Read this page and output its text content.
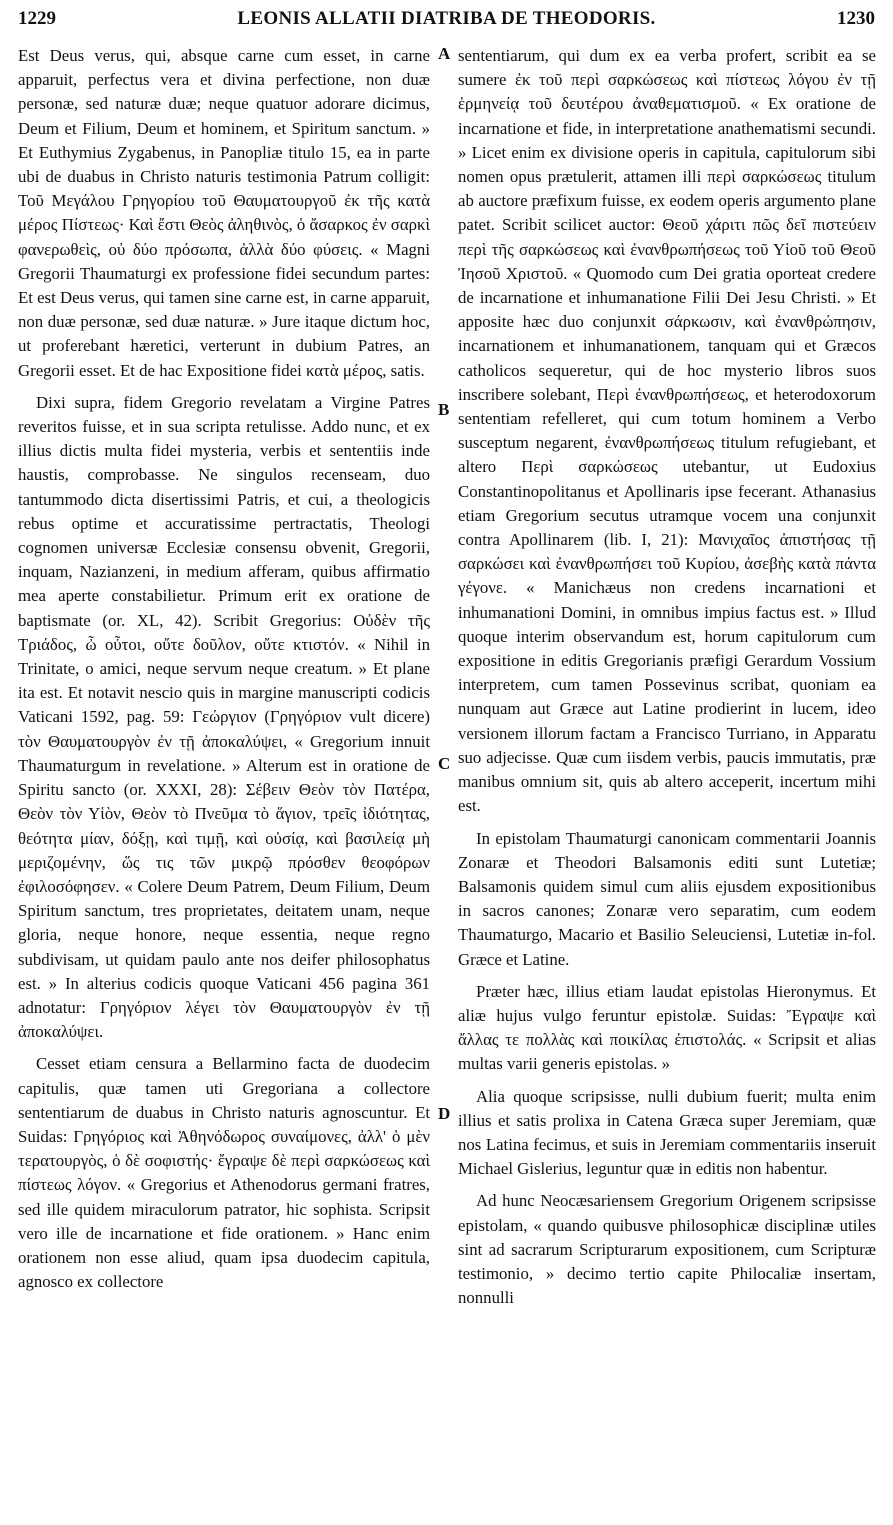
1229	LEONIS ALLATII DIATRIBA DE THEODORIS.	1230

Est Deus verus, qui, absque carne cum esset, in carne apparuit, perfectus vera et divina perfectione, non duæ personæ, sed naturæ duæ; neque quatuor adorare dicimus, Deum et Filium, Deum et hominem, et Spiritum sanctum. » Et Euthymius Zygabenus, in Panopliæ titulo 15, ea in parte ubi de duabus in Christo naturis testimonia Patrum colligit: Τοῦ Μεγάλου Γρηγορίου τοῦ Θαυματουργοῦ ἐκ τῆς κατὰ μέρος Πίστεως· Καὶ ἔστι Θεὸς ἀληθινὸς, ὁ ἄσαρκος ἐν σαρκὶ φανερωθεὶς, οὐ δύο πρόσωπα, ἀλλὰ δύο φύσεις. « Magni Gregorii Thaumaturgi ex professione fidei secundum partes: Et est Deus verus, qui tamen sine carne est, in carne apparuit, non duæ personæ, sed duæ naturæ. » Jure itaque dictum hoc, ut proferebant hæretici, verterunt in dubium Patres, an Gregorii esset. Et de hac Expositione fidei κατὰ μέρος, satis.

Dixi supra, fidem Gregorio revelatam a Virgine Patres reveritos fuisse, et in sua scripta retulisse. Addo nunc, et ex illius dictis multa fidei mysteria, verbis et sententiis inde haustis, comprobasse. Ne singulos recenseam, duo tantummodo dicta disertissimi Patris, et cui, a theologicis rebus optime et accuratissime pertractatis, Theologi cognomen universæ Ecclesiæ consensu obvenit, Gregorii, inquam, Nazianzeni, in medium afferam, quibus affirmatio mea aperte constabilietur. Primum erit ex oratione de baptismate (or. XL, 42). Scribit Gregorius: Οὐδὲν τῆς Τριάδος, ὦ οὗτοι, οὔτε δοῦλον, οὔτε κτιστόν. « Nihil in Trinitate, o amici, neque servum neque creatum. » Et plane ita est. Et notavit nescio quis in margine manuscripti codicis Vaticani 1592, pag. 59: Γεώργιον (Γρηγόριον vult dicere) τὸν Θαυματουργὸν ἐν τῇ ἀποκαλύψει, « Gregorium innuit Thaumaturgum in revelatione. » Alterum est in oratione de Spiritu sancto (or. XXXI, 28): Σέβειν Θεὸν τὸν Πατέρα, Θεὸν τὸν Υἱὸν, Θεὸν τὸ Πνεῦμα τὸ ἅγιον, τρεῖς ἰδιότητας, θεότητα μίαν, δόξῃ, καὶ τιμῇ, καὶ οὐσίᾳ, καὶ βασιλείᾳ μὴ μεριζομένην, ὥς τις τῶν μικρῷ πρόσθεν θεοφόρων ἐφιλοσόφησεν. « Colere Deum Patrem, Deum Filium, Deum Spiritum sanctum, tres proprietates, deitatem unam, neque gloria, neque honore, neque essentia, neque regno subdivisam, ut quidam paulo ante nos deifer philosophatus est. » In alterius codicis quoque Vaticani 456 pagina 361 adnotatur: Γρηγόριον λέγει τὸν Θαυματουργὸν ἐν τῇ ἀποκαλύψει.

Cesset etiam censura a Bellarmino facta de duodecim capitulis, quæ tamen uti Gregoriana a collectore sententiarum de duabus in Christo naturis agnoscuntur. Et Suidas: Γρηγόριος καὶ Ἀθηνόδωρος συναίμονες, ἀλλ' ὁ μὲν τερατουργὸς, ὁ δὲ σοφιστής· ἔγραψε δὲ περὶ σαρκώσεως καὶ πίστεως λόγον. « Gregorius et Athenodorus germani fratres, sed ille quidem miraculorum patrator, hic sophista. Scripsit vero ille de incarnatione et fide orationem. » Hanc enim orationem non esse aliud, quam ipsa duodecim capitula, agnosco ex collectore

A
B
C
D

sententiarum, qui dum ex ea verba profert, scribit ea se sumere ἐκ τοῦ περὶ σαρκώσεως καὶ πίστεως λόγου ἐν τῇ ἑρμηνείᾳ τοῦ δευτέρου ἀναθεματισμοῦ. « Ex oratione de incarnatione et fide, in interpretatione anathematismi secundi. » Licet enim ex divisione operis in capitula, capitulorum sibi nomen opus prætulerit, attamen illi περὶ σαρκώσεως titulum ab auctore præfixum fuisse, ex eodem operis argumento plane patet. Scribit scilicet auctor: Θεοῦ χάριτι πῶς δεῖ πιστεύειν περὶ τῆς σαρκώσεως καὶ ἐνανθρωπήσεως τοῦ Υἱοῦ τοῦ Θεοῦ Ἰησοῦ Χριστοῦ. « Quomodo cum Dei gratia oporteat credere de incarnatione et inhumanatione Filii Dei Jesu Christi. » Et apposite hæc duo conjunxit σάρκωσιν, καὶ ἐνανθρώπησιν, incarnationem et inhumanationem, tanquam qui et Græcos catholicos sequeretur, qui de hoc mysterio libros suos inscribere solebant, Περὶ ἐνανθρωπήσεως, et heterodoxorum sententiam refelleret, qui cum totum hominem a Verbo susceptum negarent, ἐνανθρωπήσεως titulum refugiebant, et altero Περὶ σαρκώσεως utebantur, ut Eudoxius Constantinopolitanus et Apollinaris ipse fecerant. Athanasius etiam Gregorium secutus utramque vocem una conjunxit contra Apollinarem (lib. I, 21): Μανιχαῖος ἀπιστήσας τῇ σαρκώσει καὶ ἐνανθρωπήσει τοῦ Κυρίου, ἀσεβὴς κατὰ πάντα γέγονε. « Manichæus non credens incarnationi et inhumanationi Domini, in omnibus impius factus est. » Illud quoque interim observandum est, horum capitulorum cum expositione in editis Gregorianis præfigi Gerardum Vossium interpretem, cum tamen Possevinus scribat, quoniam ea nunquam aut Græce aut Latine prodierint in lucem, ideo versionem illorum factam a Francisco Turriano, in Apparatu suo adjecisse. Quæ cum iisdem verbis, paucis immutatis, præ manibus omnium sit, quis ab altero acceperit, incertum mihi est.

In epistolam Thaumaturgi canonicam commentarii Joannis Zonaræ et Theodori Balsamonis editi sunt Lutetiæ; Balsamonis quidem simul cum aliis ejusdem expositionibus in sacros canones; Zonaræ vero separatim, cum eodem Thaumaturgo, Macario et Basilio Seleuciensi, Lutetiæ in-fol. Græce et Latine.

Præter hæc, illius etiam laudat epistolas Hieronymus. Et aliæ hujus vulgo feruntur epistolæ. Suidas: Ἔγραψε καὶ ἄλλας τε πολλὰς καὶ ποικίλας ἐπιστολάς. « Scripsit et alias multas varii generis epistolas. »

Alia quoque scripsisse, nulli dubium fuerit; multa enim illius et satis prolixa in Catena Græca super Jeremiam, quæ nos Latina fecimus, et suis in Jeremiam commentariis inseruit Michael Gislerius, leguntur quæ in editis non habentur.

Ad hunc Neocæsariensem Gregorium Origenem scripsisse epistolam, « quando quibusve philosophicæ disciplinæ utiles sint ad sacrarum Scripturarum expositionem, cum Scripturæ testimonio, » decimo tertio capite Philocaliæ insertam, nonnulli
